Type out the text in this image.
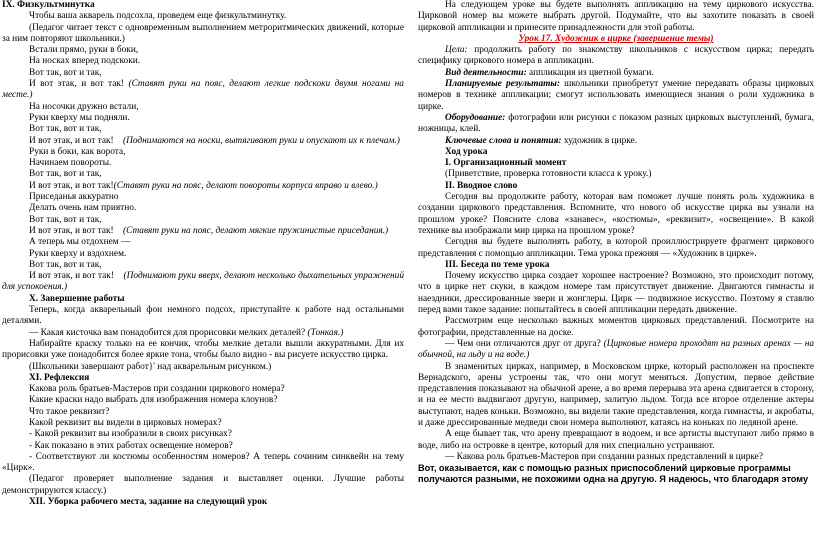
IX. Физкультминутка
Чтобы ваша акварель подсохла, проведем еще физкультминутку.
(Педагог читает текст с одновременным выполнением метроритмических движений, которые за ним повторяют школьники.)
Встали прямо, руки в боки,
На носках вперед подскоки.
Вот так, вот и так,
И вот этак, и вот так! (Ставят руки на пояс, делают легкие подскоки двумя ногами на месте.)
На носочки дружно встали,
Руки кверху мы подняли.
Вот так, вот и так,
И вот этак, и вот так! (Поднимаются на носки, вытягивают руки и опускают их к плечам.)
Руки в боки, как ворота,
Начинаем повороты.
Вот так, вот и так,
И вот этак, и вот так!(Ставят руки на пояс, делают повороты корпуса вправо и влево.)
Приседанья аккуратно
Делать очень нам приятно.
Вот так, вот и так,
И вот этак, и вот так! (Ставят руки на пояс, делают мягкие пружинистые приседания.)
А теперь мы отдохнем —
Руки кверху и вздохнем.
Вот так, вот и так,
И вот этак, и вот так! (Поднимают руки вверх, делают несколько дыхательных упражнений для успокоения.)
X. Завершение работы
Теперь, когда акварельный фон немного подсох, приступайте к работе над остальными деталями.
— Какая кисточка вам понадобится для прорисовки мелких деталей? (Тонкая.)
Набирайте краску только на ее кончик, чтобы мелкие детали вышли аккуратными. Для их прорисовки уже понадобится более яркие тона, чтобы было видно - вы рисуете искусство цирка.
(Школьники завершают работ}' над акварельным рисунком.)
XI. Рефлексия
Какова роль братьев-Мастеров при создании циркового номера?
Какие краски надо выбрать для изображения номера клоунов?
Что такое реквизит?
Какой реквизит вы видели в цирковых номерах?
- Какой реквизит вы изобразили в своих рисунках?
- Как показано в этих работах освещение номеров?
- Соответствуют ли костюмы особенностям номеров? А теперь сочиним синквейн на тему «Цирк».
(Педагог проверяет выполнение задания и выставляет оценки. Лучшие работы демонстрируются классу.)
XII. Уборка рабочего места, задание на следующий урок
На следующем уроке вы будете выполнять аппликацию на тему циркового искусства. Цирковой номер вы можете выбрать другой. Подумайте, что вы захотите показать в своей цирковой аппликации и принесите принадлежности для этой работы.
Урок 17. Художник в цирке (завершение темы)
Цели: продолжить работу по знакомству школьников с искусством цирка; передать специфику циркового номера в аппликации.
Вид деятельности: аппликация из цветной бумаги.
Планируемые результаты: школьники приобретут умение передавать образы цирковых номеров в технике аппликации; смогут использовать имеющиеся знания о роли художника в цирке.
Оборудование: фотографии или рисунки с показом разных цирковых выступлений, бумага, ножницы, клей.
Ключевые слова и понятия: художник в цирке.
Ход урока
I. Организационный момент
(Приветствие, проверка готовности класса к уроку.)
II. Вводное слово
Сегодня вы продолжите работу, которая вам поможет лучше понять роль художника в создании циркового представления. Вспомните, что нового об искусстве цирка вы узнали на прошлом уроке? Поясните слова «занавес», «костюмы», «реквизит», «освещение». В какой технике вы изображали мир цирка на прошлом уроке?
Сегодня вы будете выполнять работу, в которой проиллюстрируете фрагмент циркового представления с помощью аппликации. Тема урока прежняя — «Художник в цирке».
III. Беседа по теме урока
Почему искусство цирка создает хорошее настроение? Возможно, это происходит потому, что в цирке нет скуки, в каждом номере там присутствует движение. Двигаются гимнасты и наездники, дрессированные звери и жонглеры. Цирк — подвижное искусство. Поэтому я ставлю перед вами такое задание: попытайтесь в своей аппликации передать движение.
Рассмотрим еще несколько важных моментов цирковых представлений. Посмотрите на фотографии, представленные на доске.
— Чем они отличаются друг от друга? (Цирковые номера проходят на разных аренах — на обычной, на льду и на воде.)
В знаменитых цирках, например, в Московском цирке, который расположен на проспекте Вернадского, арены устроены так, что они могут меняться. Допустим, первое действие представления показывают на обычной арене, а во время перерыва эта арена сдвигается в сторону, и на ее место выдвигают другую, например, залитую льдом. Тогда все второе отделение актеры выступают, надев коньки. Возможно, вы видели такие представления, когда гимнасты, и акробаты, и даже дрессированные медведи свои номера выполняют, катаясь на коньках по ледяной арене.
А еще бывает так, что арену превращают в водоем, и все артисты выступают либо прямо в воде, либо на островке в центре, который для них специально устраивают.
— Какова роль братьев-Мастеров при создании разных представлений в цирке?
Вот, оказывается, как с помощью разных приспособлений цирковые программы
получаются разными, не похожими одна на другую. Я надеюсь, что благодаря этому
